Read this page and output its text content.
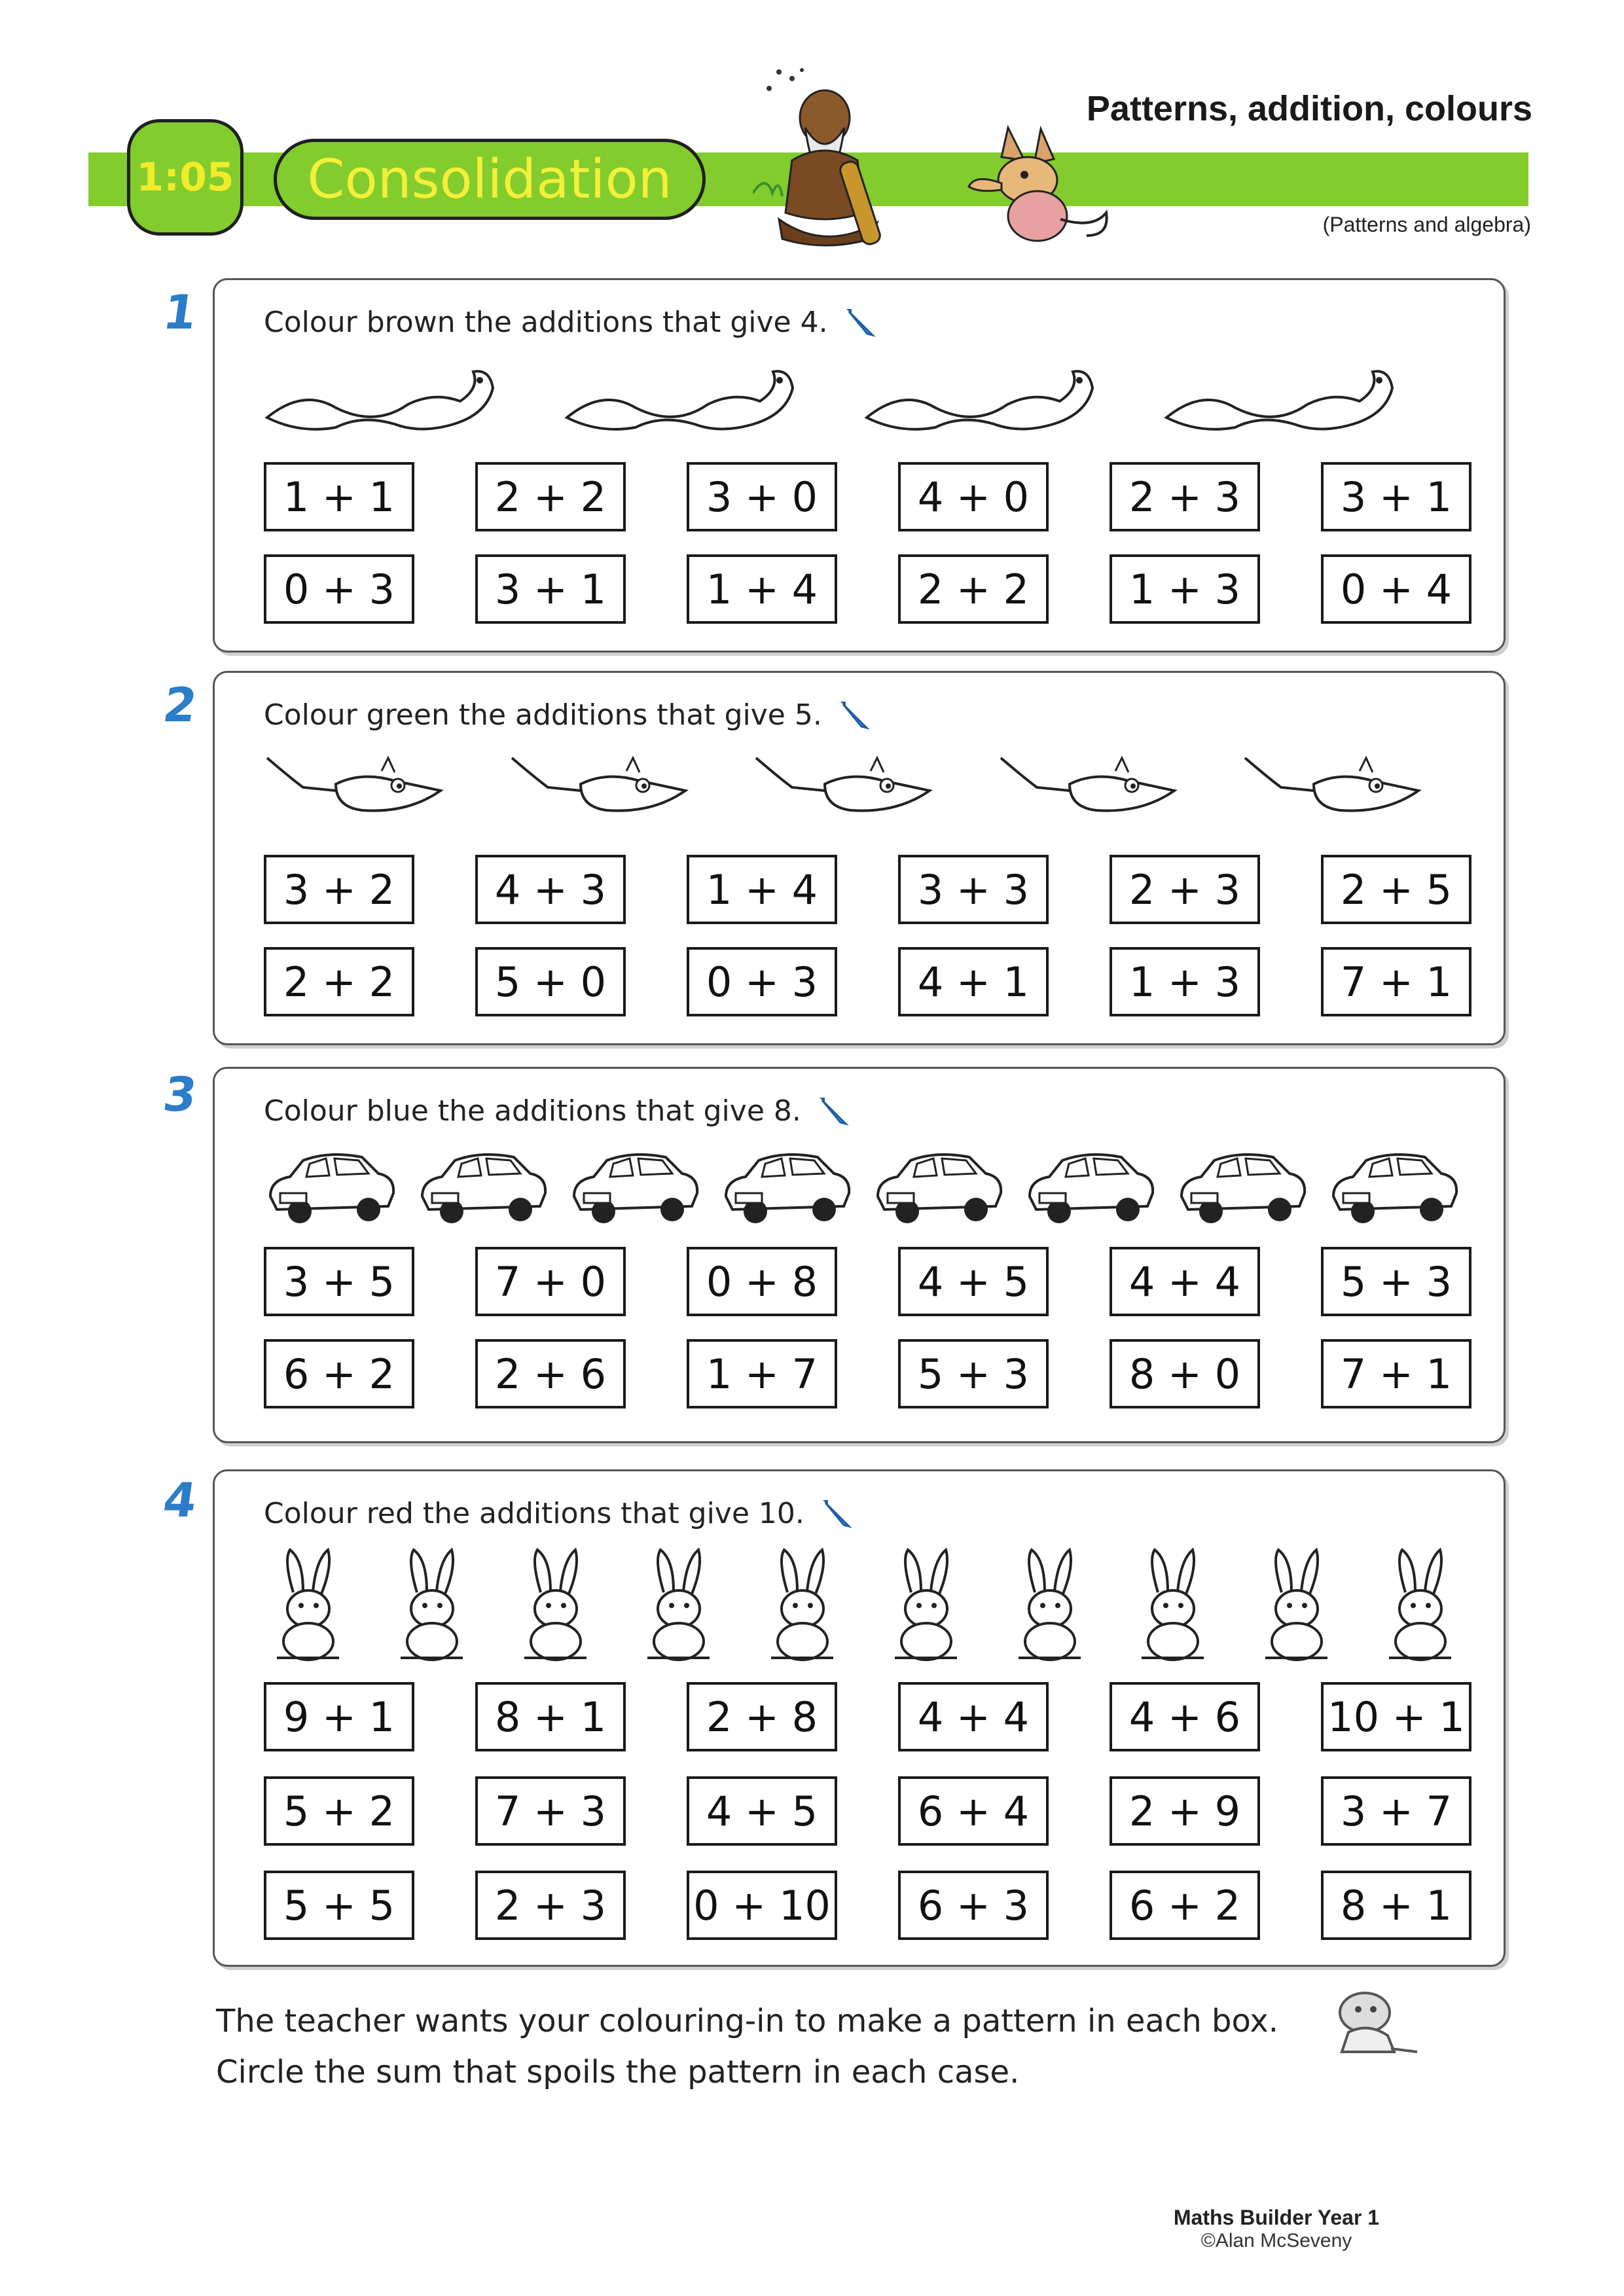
1:05	Consolidation
Patterns, addition, colours
(Patterns and algebra)
1 Colour brown the additions that give 4.
1 + 1	2 + 2	3 + 0	4 + 0	2 + 3	3 + 1
0 + 3	3 + 1	1 + 4	2 + 2	1 + 3	0 + 4
2 Colour green the additions that give 5.
3 + 2	4 + 3	1 + 4	3 + 3	2 + 3	2 + 5
2 + 2	5 + 0	0 + 3	4 + 1	1 + 3	7 + 1
3 Colour blue the additions that give 8.
3 + 5	7 + 0	0 + 8	4 + 5	4 + 4	5 + 3
6 + 2	2 + 6	1 + 7	5 + 3	8 + 0	7 + 1
4 Colour red the additions that give 10.
9 + 1	8 + 1	2 + 8	4 + 4	4 + 6	10 + 1
5 + 2	7 + 3	4 + 5	6 + 4	2 + 9	3 + 7
5 + 5	2 + 3	0 + 10	6 + 3	6 + 2	8 + 1
The teacher wants your colouring-in to make a pattern in each box.
Circle the sum that spoils the pattern in each case.
Maths Builder Year 1
©Alan McSeveny
